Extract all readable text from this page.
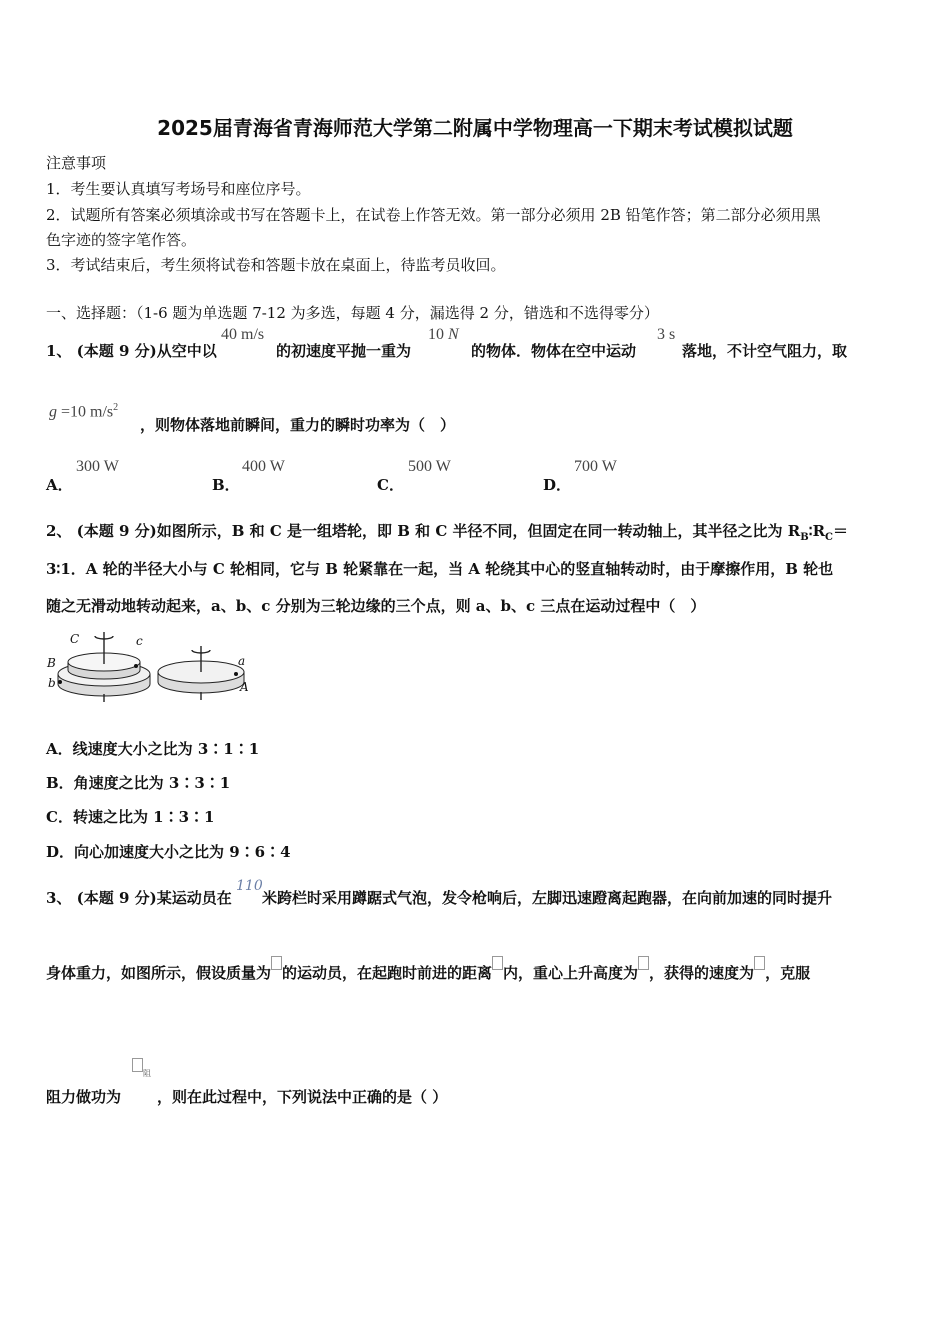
2025届青海省青海师范大学第二附属中学物理高一下期末考试模拟试题
注意事项
1．考生要认真填写考场号和座位序号。
2．试题所有答案必须填涂或书写在答题卡上，在试卷上作答无效。第一部分必须用 2B 铅笔作答；第二部分必须用黑
色字迹的签字笔作答。
3．考试结束后，考生须将试卷和答题卡放在桌面上，待监考员收回。
一、选择题：（1-6 题为单选题 7-12 为多选，每题 4 分，漏选得 2 分，错选和不选得零分）
1、 (本题 9 分)从空中以
40 m/s
的初速度平抛一重为
10 N
的物体．物体在空中运动
3 s
落地，不计空气阻力，取
g =10 $m/s^2$
，则物体落地前瞬间，重力的瞬时功率为（　）
A．
300 W
B．
400 W
C．
500 W
D．
700 W
2、 (本题 9 分)如图所示，B 和 C 是一组塔轮，即 B 和 C 半径不同，但固定在同一转动轴上，其半径之比为 $R_B∶R_C=$
3∶1．A 轮的半径大小与 C 轮相同，它与 B 轮紧靠在一起，当 A 轮绕其中心的竖直轴转动时，由于摩擦作用，B 轮也
随之无滑动地转动起来，a、b、c 分别为三轮边缘的三个点，则 a、b、c 三点在运动过程中（　）
C	c
B
b
a
A
A．线速度大小之比为 3∶1∶1
B．角速度之比为 3∶3∶1
C．转速之比为 1∶3∶1
D．向心加速度大小之比为 9∶6∶4
3、 (本题 9 分)某运动员在
110
米跨栏时采用蹲踞式气泡，发令枪响后，左脚迅速蹬离起跑器，在向前加速的同时提升
身体重力，如图所示，假设质量为 的运动员，在起跑时前进的距离 内，重心上升高度为 ，获得的速度为 ，克服
$_阻$
阻力做功为 ，则在此过程中，下列说法中正确的是（ ）
